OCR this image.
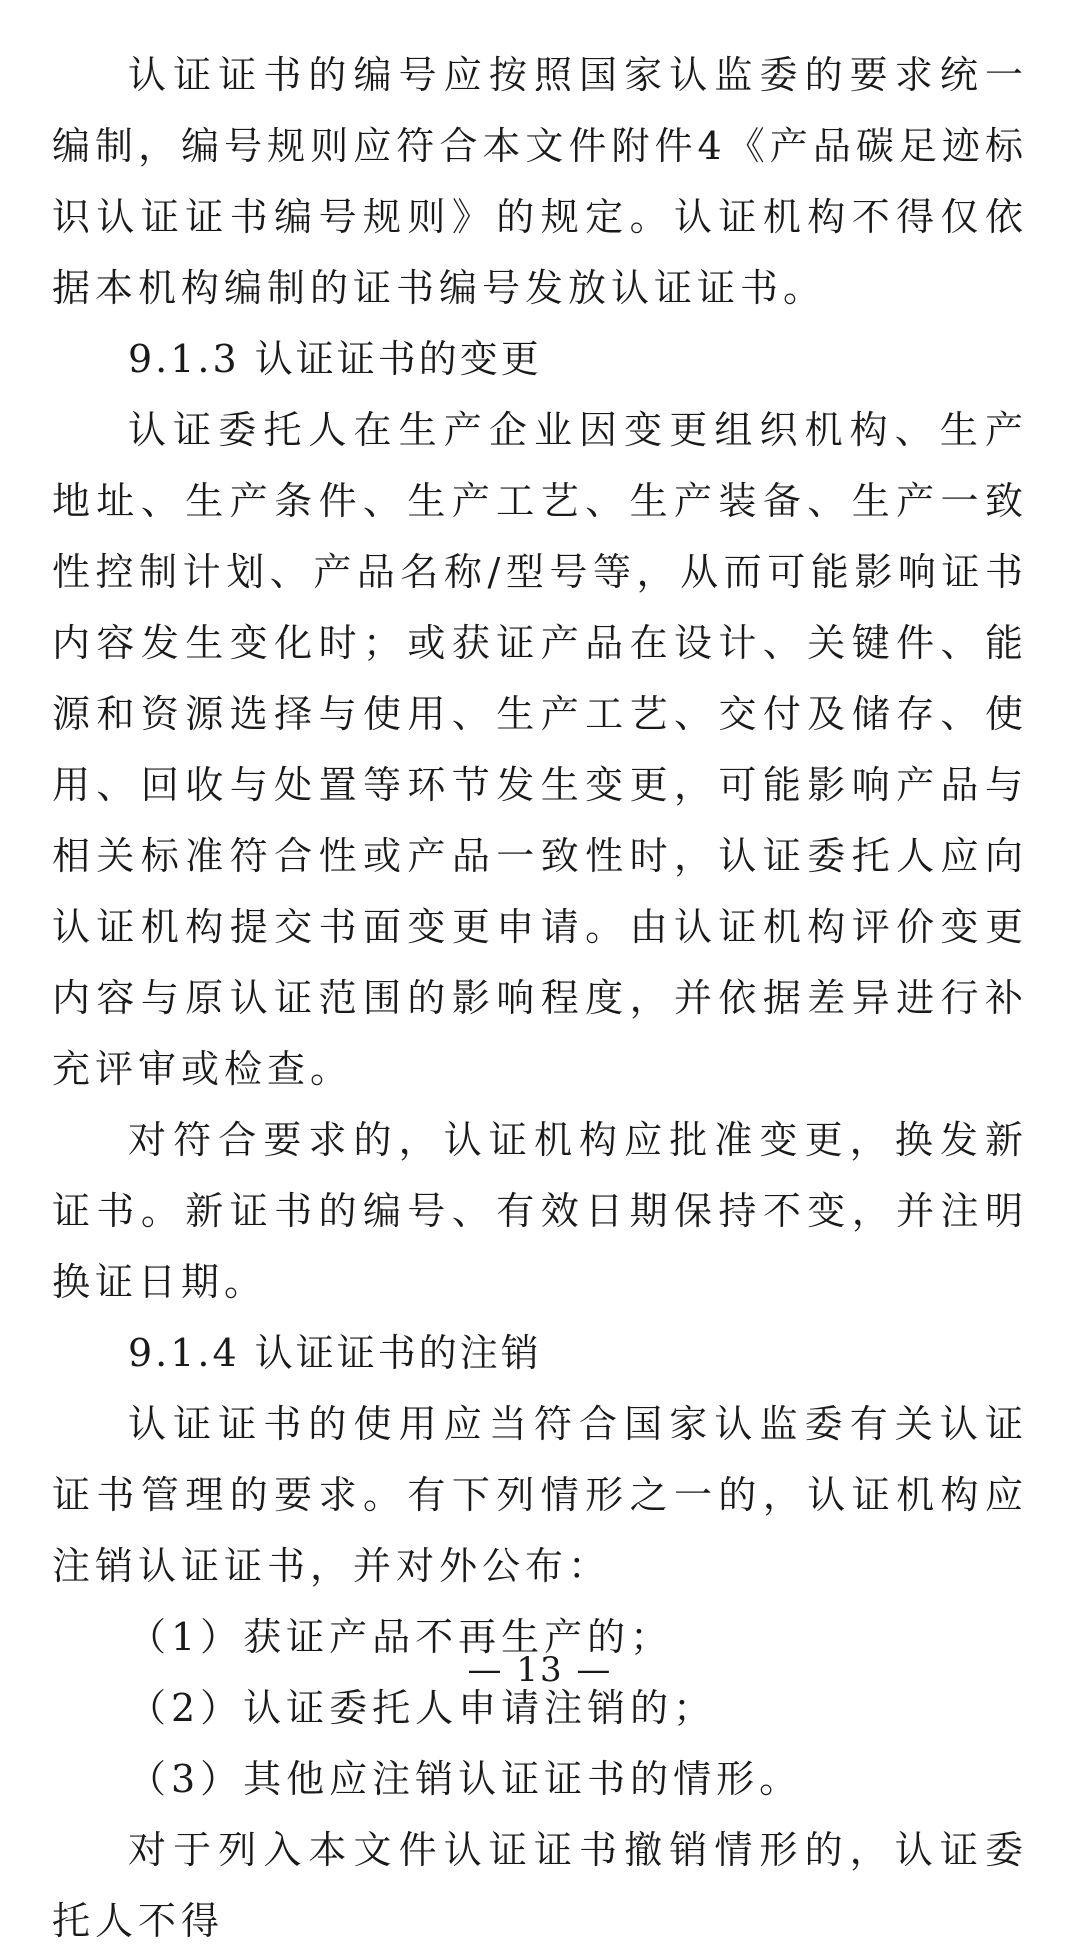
认证证书的编号应按照国家认监委的要求统一编制，编号规则应符合本文件附件4《产品碳足迹标识认证证书编号规则》的规定。认证机构不得仅依据本机构编制的证书编号发放认证证书。

9.1.3 认证证书的变更

认证委托人在生产企业因变更组织机构、生产地址、生产条件、生产工艺、生产装备、生产一致性控制计划、产品名称/型号等，从而可能影响证书内容发生变化时；或获证产品在设计、关键件、能源和资源选择与使用、生产工艺、交付及储存、使用、回收与处置等环节发生变更，可能影响产品与相关标准符合性或产品一致性时，认证委托人应向认证机构提交书面变更申请。由认证机构评价变更内容与原认证范围的影响程度，并依据差异进行补充评审或检查。

对符合要求的，认证机构应批准变更，换发新证书。新证书的编号、有效日期保持不变，并注明换证日期。

9.1.4 认证证书的注销

认证证书的使用应当符合国家认监委有关认证证书管理的要求。有下列情形之一的，认证机构应注销认证证书，并对外公布：

（1）获证产品不再生产的；

（2）认证委托人申请注销的；

（3）其他应注销认证证书的情形。

对于列入本文件认证证书撤销情形的，认证委托人不得

— 13 —
